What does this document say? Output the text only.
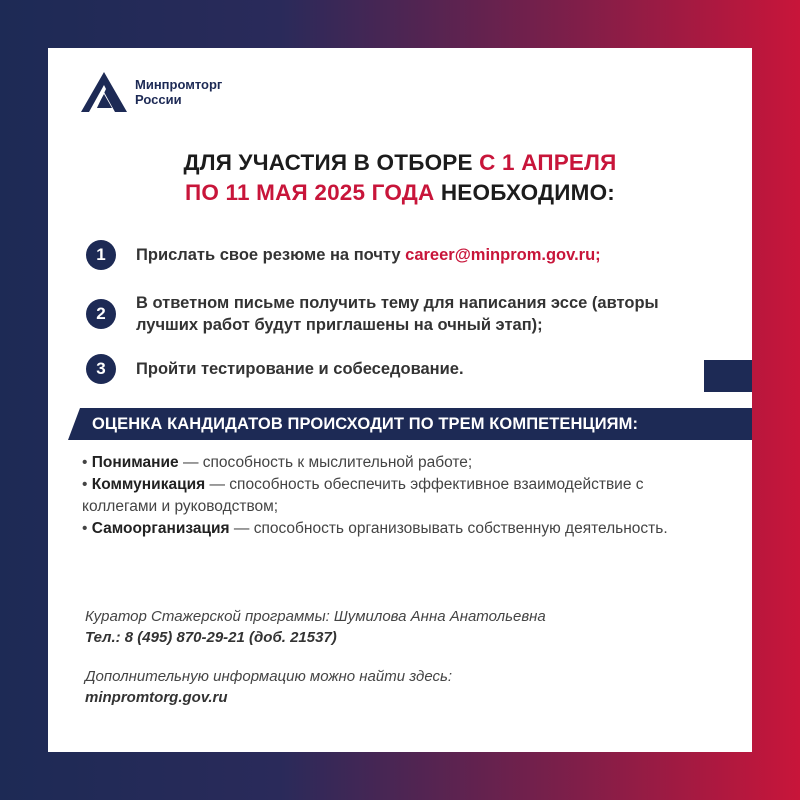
Минпромторг
России
ДЛЯ УЧАСТИЯ В ОТБОРЕ С 1 АПРЕЛЯ
ПО 11 МАЯ 2025 ГОДА НЕОБХОДИМО:
1	Прислать свое резюме на почту career@minprom.gov.ru;
2
В ответном письме получить тему для написания эссе (авторы лучших работ будут приглашены на очный этап);
3	Пройти тестирование и собеседование.
ОЦЕНКА КАНДИДАТОВ ПРОИСХОДИТ ПО ТРЕМ КОМПЕТЕНЦИЯМ:

• Понимание — способность к мыслительной работе;

• Коммуникация — способность обеспечить эффективное взаимодействие с коллегами и руководством;

• Самоорганизация — способность организовывать собственную деятельность.

Куратор Стажерской программы: Шумилова Анна Анатольевна
Тел.: 8 (495) 870-29-21 (доб. 21537)
Дополнительную информацию можно найти здесь:
minpromtorg.gov.ru
